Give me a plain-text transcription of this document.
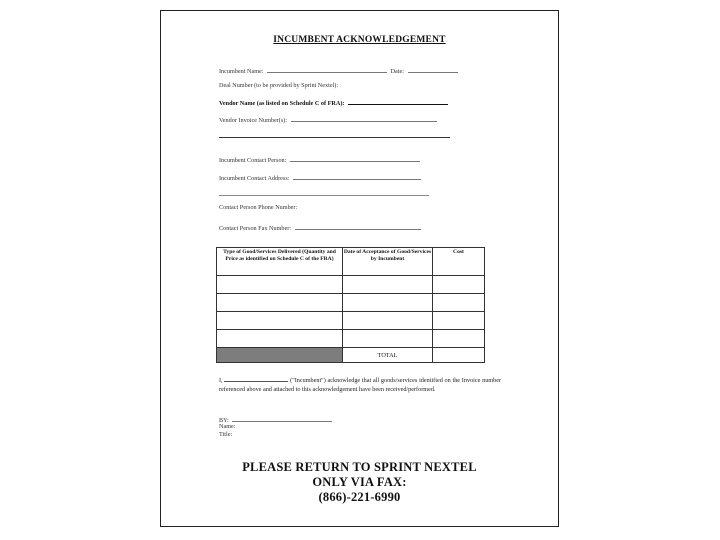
INCUMBENT ACKNOWLEDGEMENT
Incumbent Name:	Date:
Deal Number (to be provided by Sprint Nextel):
Vendor Name (as listed on Schedule C of FRA):
Vendor Invoice Number(s):
Incumbent Contact Person:
Incumbent Contact Address:
Contact Person Phone Number:
Contact Person Fax Number:
Type of Good/Services Delivered (Quantity and Price as identified on Schedule C of the FRA)	Date of Acceptance of Good/Services by Incumbent	Cost

	TOTAL	
I,	("Incumbent") acknowledge that all goods/services identified on the Invoice number referenced above and attached to this acknowledgement have been received/performed.
BY:
Name:
Title:
PLEASE RETURN TO SPRINT NEXTEL
ONLY VIA FAX:
(866)-221-6990
